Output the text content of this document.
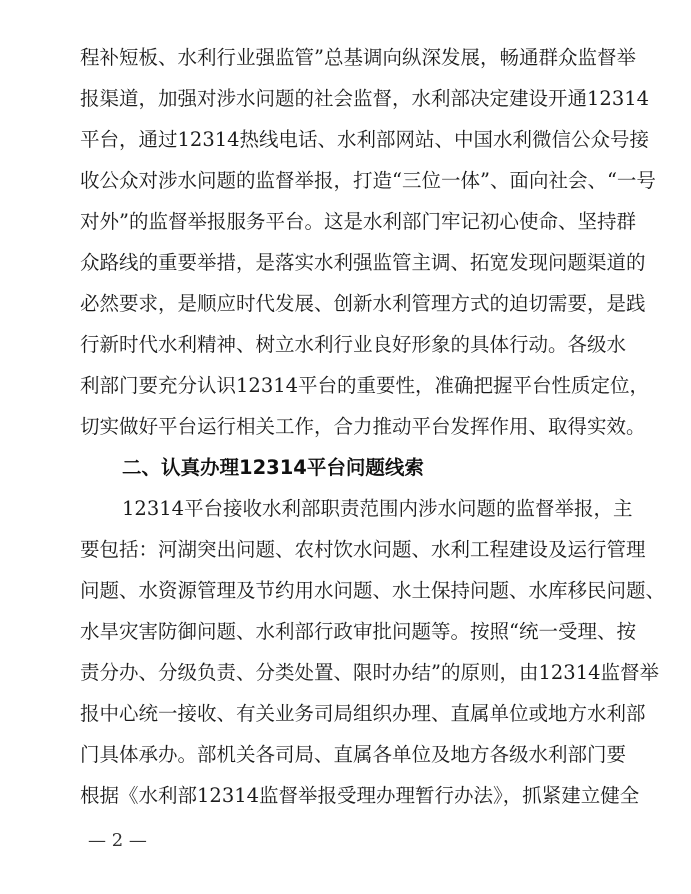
程补短板、水利行业强监管”总基调向纵深发展，畅通群众监督举
报渠道，加强对涉水问题的社会监督，水利部决定建设开通12314
平台，通过12314热线电话、水利部网站、中国水利微信公众号接
收公众对涉水问题的监督举报，打造“三位一体”、面向社会、“一号
对外”的监督举报服务平台。这是水利部门牢记初心使命、坚持群
众路线的重要举措，是落实水利强监管主调、拓宽发现问题渠道的
必然要求，是顺应时代发展、创新水利管理方式的迫切需要，是践
行新时代水利精神、树立水利行业良好形象的具体行动。各级水
利部门要充分认识12314平台的重要性，准确把握平台性质定位，
切实做好平台运行相关工作，合力推动平台发挥作用、取得实效。
二、认真办理12314平台问题线索
12314平台接收水利部职责范围内涉水问题的监督举报，主
要包括：河湖突出问题、农村饮水问题、水利工程建设及运行管理
问题、水资源管理及节约用水问题、水土保持问题、水库移民问题、
水旱灾害防御问题、水利部行政审批问题等。按照“统一受理、按
责分办、分级负责、分类处置、限时办结”的原则，由12314监督举
报中心统一接收、有关业务司局组织办理、直属单位或地方水利部
门具体承办。部机关各司局、直属各单位及地方各级水利部门要
根据《水利部12314监督举报受理办理暂行办法》，抓紧建立健全
— 2 —
